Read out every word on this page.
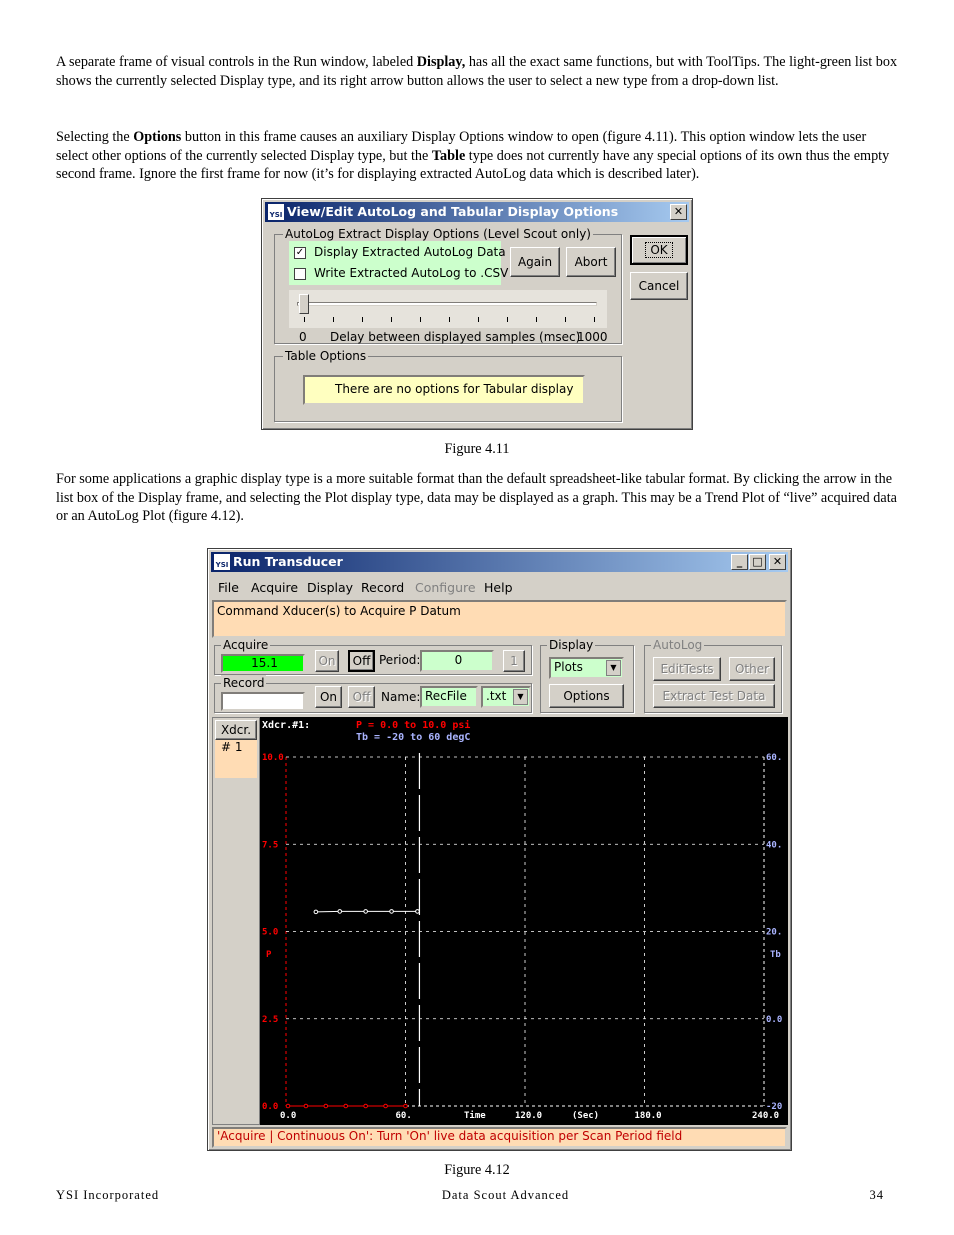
A separate frame of visual controls in the Run window, labeled Display, has all the exact same functions, but with ToolTips. The light-green list box shows the currently selected Display type, and its right arrow button allows the user to select a new type from a drop-down list.
Selecting the Options button in this frame causes an auxiliary Display Options window to open (figure 4.11). This option window lets the user select other options of the currently selected Display type, but the Table type does not currently have any special options of its own thus the empty second frame. Ignore the first frame for now (it’s for displaying extracted AutoLog data which is described later).
YSI View/Edit AutoLog and Tabular Display Options	✕
AutoLog Extract Display Options (Level Scout only)
✓ Display Extracted AutoLog Data
Write Extracted AutoLog to .CSV
Again	Abort
0 Delay between displayed samples (msec)
1000
Table Options
There are no options for Tabular display
OK
Cancel
Figure 4.11
For some applications a graphic display type is a more suitable format than the default spreadsheet-like tabular format. By clicking the arrow in the list box of the Display frame, and selecting the Plot display type, data may be displayed as a graph. This may be a Trend Plot of “live” acquired data or an AutoLog Plot (figure 4.12).
YSI Run Transducer	_ □ ✕
File Acquire Display Record Configure Help
Command Xducer(s) to Acquire P Datum
Acquire
15.1	On	Off Period:	0	1
Record
On	Off Name: RecFile	.txt	▼
Display
Plots	▼
Options
AutoLog
EditTests	Other
Extract Test Data
Xdcr.
# 1
Xdcr.#1:	P = 0.0 to 10.0 psi
Tb = -20 to 60 degC
P	Tb
Time	(Sec)
0.0	-20
2.5	0.0
5.0	20.
7.5	40.
10.0	60.
0.0	60.	120.0	180.0	240.0
'Acquire | Continuous On': Turn 'On' live data acquisition per Scan Period field
Figure 4.12
YSI Incorporated	Data Scout Advanced	34
